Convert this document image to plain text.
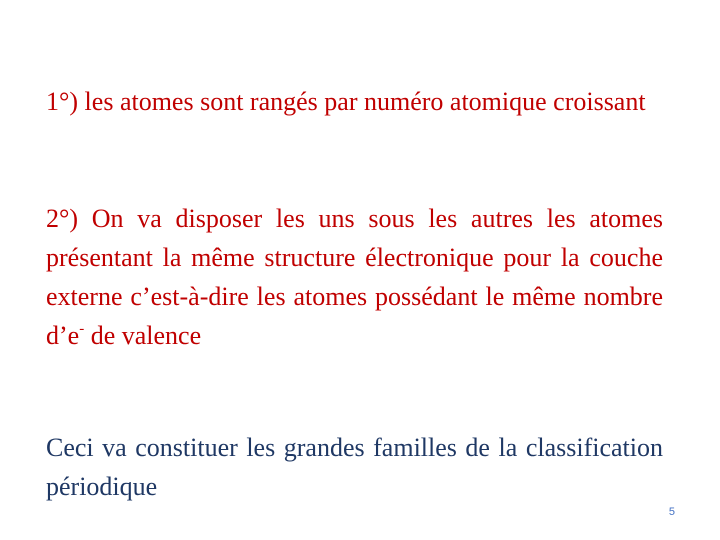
1°) les atomes sont rangés par numéro atomique croissant

2°) On va disposer les uns sous les autres les atomes présentant la même structure électronique pour la couche externe c’est-à-dire les atomes possédant le même nombre d’e- de valence

Ceci va constituer les grandes familles de la classification périodique

5
